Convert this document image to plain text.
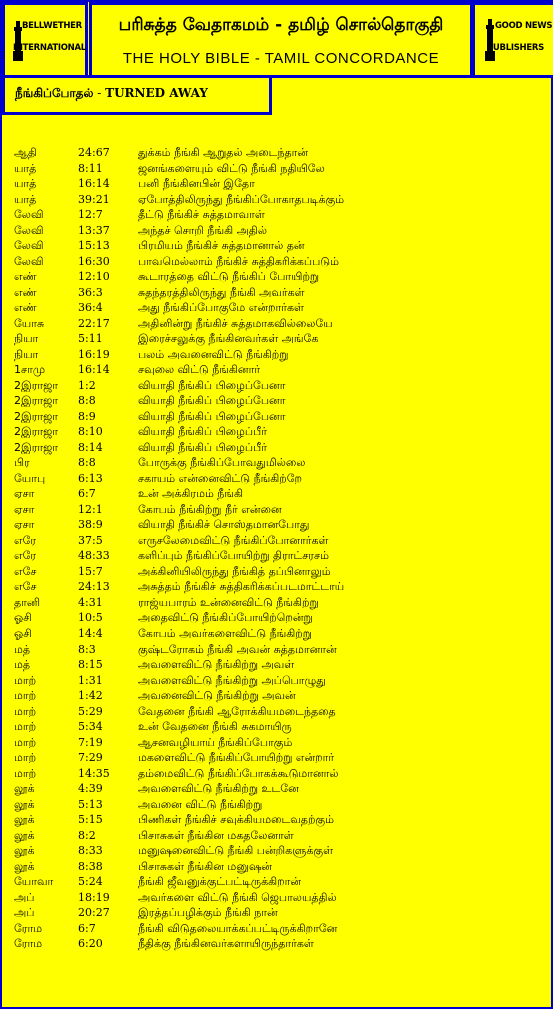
BELLWETHER
INTERNATIONAL
பரிசுத்த வேதாகமம் - தமிழ் சொல்தொகுதி
THE HOLY BIBLE - TAMIL CONCORDANCE
GOOD NEWS
PUBLISHERS
நீங்கிப்போதல் - TURNED AWAY
ஆதி	24:67	துக்கம் நீங்கி ஆறுதல் அடைந்தான்
யாத்	8:11	ஜனங்களையும் விட்டு நீங்கி நதியிலே
யாத்	16:14	பனி நீங்கினபின் இதோ
யாத்	39:21	ஏபோத்திலிருந்து நீங்கிப்போகாதபடிக்கும்
லேவி	12:7	தீட்டு நீங்கிச் சுத்தமாவாள்
லேவி	13:37	அந்தச் சொறி நீங்கி அதில்
லேவி	15:13	பிரமியம் நீங்கிச் சுத்தமானால் தன்
லேவி	16:30	பாவமெல்லாம் நீங்கிச் சுத்திகரிக்கப்படும்
எண்	12:10	கூடாரத்தை விட்டு நீங்கிப் போயிற்று
எண்	36:3	சுதந்தரத்திலிருந்து நீங்கி அவர்கள்
எண்	36:4	அது நீங்கிப்போகுமே என்றார்கள்
யோசு	22:17	அதினின்று நீங்கிச் சுத்தமாகவில்லையே
நியா	5:11	இரைச்சலுக்கு நீங்கினவர்கள் அங்கே
நியா	16:19	பலம் அவனைவிட்டு நீங்கிற்று
1சாமு	16:14	சவுலை விட்டு நீங்கினார்
2இராஜா 1:2	வியாதி நீங்கிப் பிழைப்பேனா
2இராஜா 8:8	வியாதி நீங்கிப் பிழைப்பேனா
2இராஜா 8:9	வியாதி நீங்கிப் பிழைப்பேனா
2இராஜா 8:10	வியாதி நீங்கிப் பிழைப்பீர்
2இராஜா 8:14	வியாதி நீங்கிப் பிழைப்பீர்
பிர	8:8	போருக்கு நீங்கிப்போவதுமில்லை
யோபு	6:13	சகாயம் என்னைவிட்டு நீங்கிற்றே
ஏசா	6:7	உன் அக்கிரமம் நீங்கி
ஏசா	12:1	கோபம் நீங்கிற்று நீர் என்னை
ஏசா	38:9	வியாதி நீங்கிச் சொஸ்தமானபோது
எரே	37:5	எருசலேமைவிட்டு நீங்கிப்போனார்கள்
எரே	48:33	களிப்பும் நீங்கிப்போயிற்று திராட்சரசம்
எசே	15:7	அக்கினியிலிருந்து நீங்கித் தப்பினாலும்
எசே	24:13	அசுத்தம் நீங்கிச் சுத்திகரிக்கப்படமாட்டாய்
தானி	4:31	ராஜ்யபாரம் உன்னைவிட்டு நீங்கிற்று
ஓசி	10:5	அதைவிட்டு நீங்கிப்போயிற்றென்று
ஓசி	14:4	கோபம் அவர்களைவிட்டு நீங்கிற்று
மத்	8:3	குஷ்டரோகம் நீங்கி அவன் சுத்தமானான்
மத்	8:15	அவளைவிட்டு நீங்கிற்று அவள்
மாற்	1:31	அவளைவிட்டு நீங்கிற்று அப்பொழுது
மாற்	1:42	அவனைவிட்டு நீங்கிற்று அவன்
மாற்	5:29	வேதனை நீங்கி ஆரோக்கியமடைந்ததை
மாற்	5:34	உன் வேதனை நீங்கி சுகமாயிரு
மாற்	7:19	ஆசனவழியாய் நீங்கிப்போகும்
மாற்	7:29	மகளைவிட்டு நீங்கிப்போயிற்று என்றார்
மாற்	14:35	தம்மைவிட்டு நீங்கிப்போகக்கூடுமானால்
லூக்	4:39	அவளைவிட்டு நீங்கிற்று உடனே
லூக்	5:13	அவனை விட்டு நீங்கிற்று
லூக்	5:15	பிணிகள் நீங்கிச் சவுக்கியமடைவதற்கும்
லூக்	8:2	பிசாசுகள் நீங்கின மகதலேனாள்
லூக்	8:33	மனுஷனைவிட்டு நீங்கி பன்றிகளுக்குள்
லூக்	8:38	பிசாசுகள் நீங்கின மனுஷன்
யோவா 5:24	நீங்கி ஜீவனுக்குட்பட்டிருக்கிறான்
அப்	18:19	அவர்களை விட்டு நீங்கி ஜெபாலயத்தில்
அப்	20:27	இரத்தப்பழிக்கும் நீங்கி நான்
ரோம	6:7	நீங்கி விடுதலையாக்கப்பட்டிருக்கிறானே
ரோம	6:20	நீதிக்கு நீங்கினவர்களாயிருந்தார்கள்
